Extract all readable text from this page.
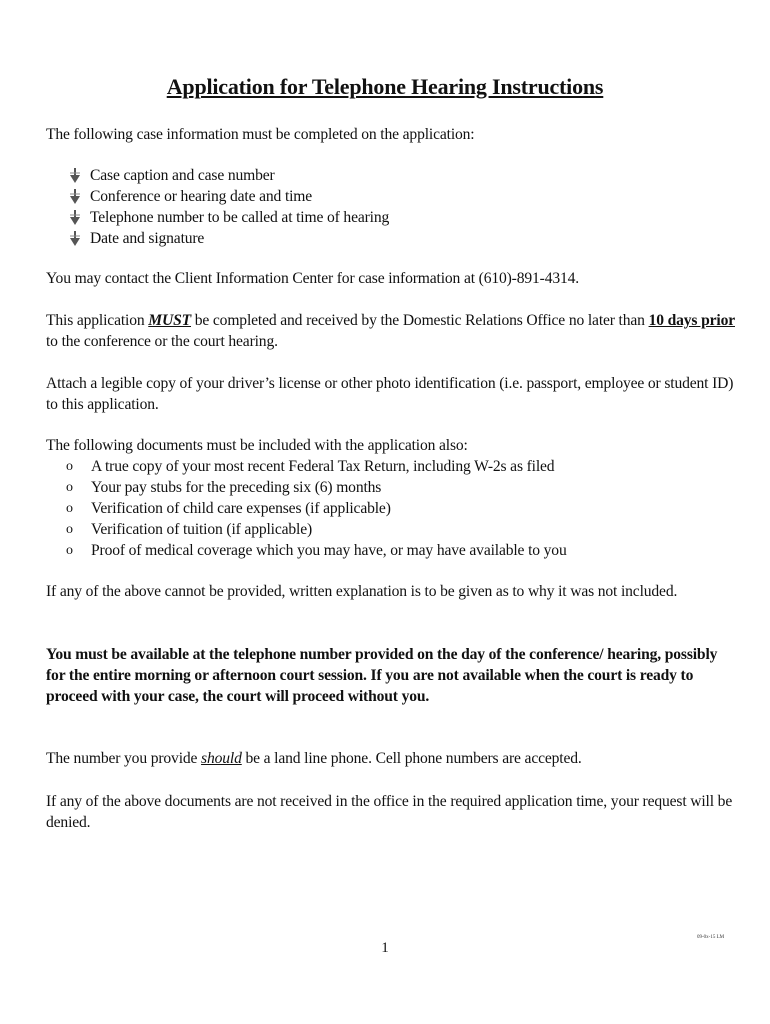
Application for Telephone Hearing Instructions
The following case information must be completed on the application:
Case caption and case number
Conference or hearing date and time
Telephone number to be called at time of hearing
Date and signature
You may contact the Client Information Center for case information at (610)-891-4314.
This application MUST be completed and received by the Domestic Relations Office no later than 10 days prior to the conference or the court hearing.
Attach a legible copy of your driver’s license or other photo identification (i.e. passport, employee or student ID) to this application.
The following documents must be included with the application also:
o	A true copy of your most recent Federal Tax Return, including W-2s as filed
o	Your pay stubs for the preceding six (6) months
o	Verification of child care expenses (if applicable)
o	Verification of tuition (if applicable)
o	Proof of medical coverage which you may have, or may have available to you
If any of the above cannot be provided, written explanation is to be given as to why it was not included.
You must be available at the telephone number provided on the day of the conference/ hearing, possibly for the entire morning or afternoon court session. If you are not available when the court is ready to proceed with your case, the court will proceed without you.
The number you provide should be a land line phone. Cell phone numbers are accepted.
If any of the above documents are not received in the office in the required application time, your request will be denied.
09-0x-15 LM
1
